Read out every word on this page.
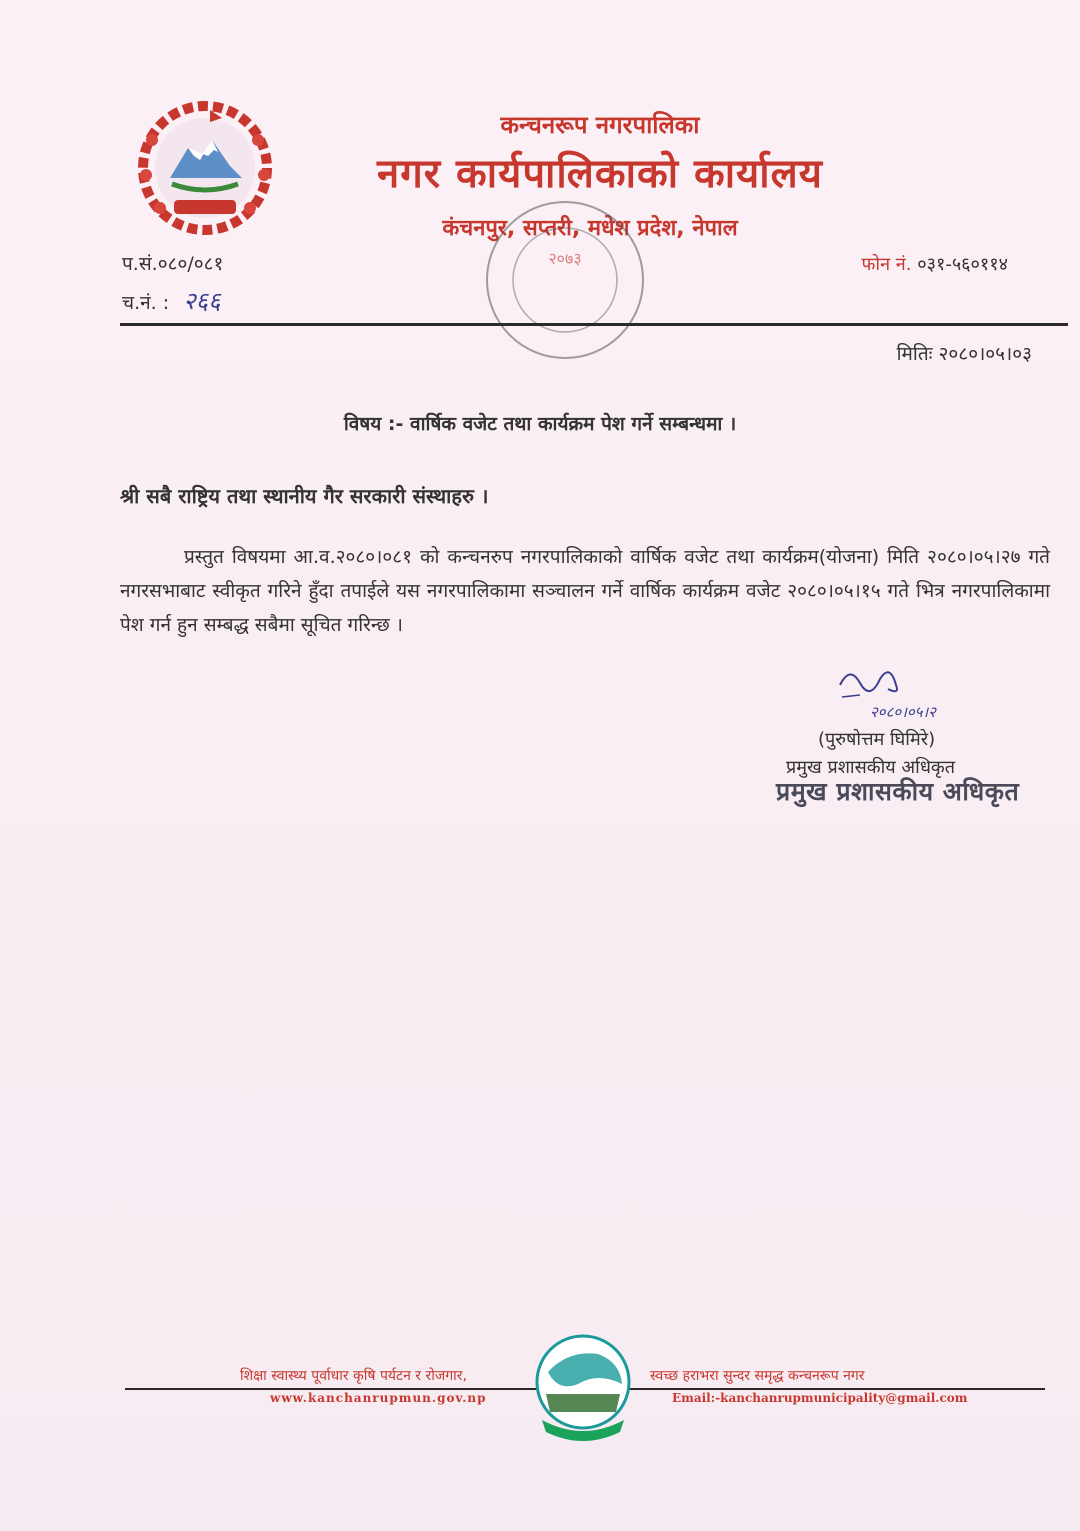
कन्चनरूप नगरपालिका
नगर कार्यपालिकाको कार्यालय
कंचनपुर, सप्तरी, मधेश प्रदेश, नेपाल
प.सं.०८०/०८१
च.नं. : २६६
फोन नं. ०३१-५६०११४
२०७३
मितिः २०८०।०५।०३
विषय :- वार्षिक वजेट तथा कार्यक्रम पेश गर्ने सम्बन्धमा ।
श्री सबै राष्ट्रिय तथा स्थानीय गैर सरकारी संस्थाहरु ।
प्रस्तुत विषयमा आ.व.२०८०।०८१ को कन्चनरुप नगरपालिकाको वार्षिक वजेट तथा कार्यक्रम(योजना) मिति २०८०।०५।२७ गते नगरसभाबाट स्वीकृत गरिने हुँदा तपाईले यस नगरपालिकामा सञ्चालन गर्ने वार्षिक कार्यक्रम वजेट २०८०।०५।१५ गते भित्र नगरपालिकामा पेश गर्न हुन सम्बद्ध सबैमा सूचित गरिन्छ ।
२०८०।०५।२
(पुरुषोत्तम घिमिरे)
प्रमुख प्रशासकीय अधिकृत
प्रमुख प्रशासकीय अधिकृत
शिक्षा स्वास्थ्य पूर्वाधार कृषि पर्यटन र रोजगार,	स्वच्छ हराभरा सुन्दर समृद्ध कन्चनरूप नगर
www.kanchanrupmun.gov.np	Email:-kanchanrupmunicipality@gmail.com
